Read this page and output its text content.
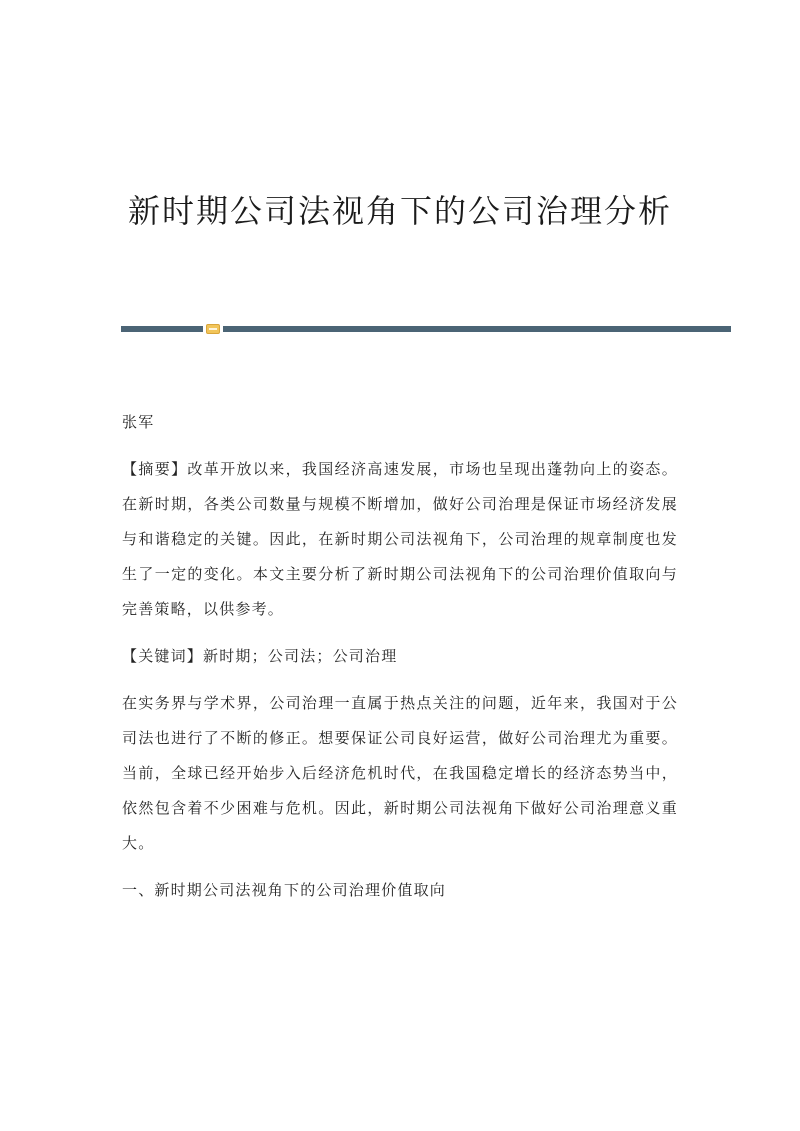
新时期公司法视角下的公司治理分析

张军

【摘要】改革开放以来，我国经济高速发展，市场也呈现出蓬勃向上的姿态。在新时期，各类公司数量与规模不断增加，做好公司治理是保证市场经济发展与和谐稳定的关键。因此，在新时期公司法视角下，公司治理的规章制度也发生了一定的变化。本文主要分析了新时期公司法视角下的公司治理价值取向与完善策略，以供参考。

【关键词】新时期；公司法；公司治理

在实务界与学术界，公司治理一直属于热点关注的问题，近年来，我国对于公司法也进行了不断的修正。想要保证公司良好运营，做好公司治理尤为重要。当前，全球已经开始步入后经济危机时代，在我国稳定增长的经济态势当中，依然包含着不少困难与危机。因此，新时期公司法视角下做好公司治理意义重大。

一、新时期公司法视角下的公司治理价值取向
